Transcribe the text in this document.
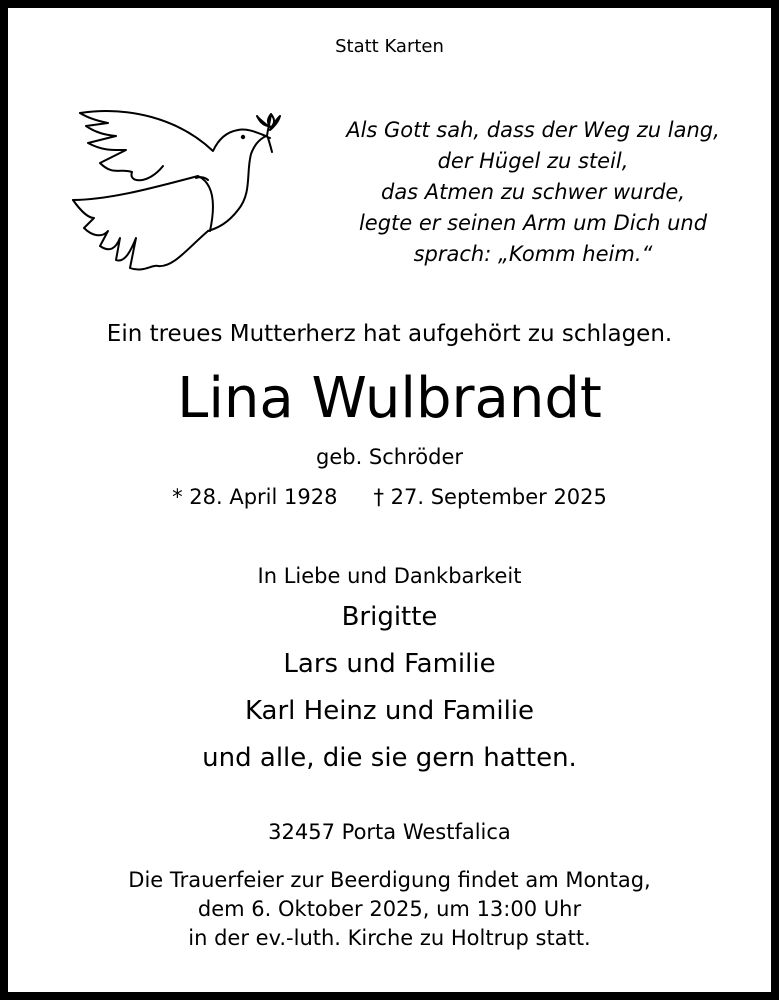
Statt Karten
Als Gott sah, dass der Weg zu lang,
der Hügel zu steil,
das Atmen zu schwer wurde,
legte er seinen Arm um Dich und
sprach: „Komm heim.“
Ein treues Mutterherz hat aufgehört zu schlagen.
Lina Wulbrandt
geb. Schröder
* 28. April 1928 † 27. September 2025
In Liebe und Dankbarkeit
Brigitte
Lars und Familie
Karl Heinz und Familie
und alle, die sie gern hatten.
32457 Porta Westfalica
Die Trauerfeier zur Beerdigung findet am Montag,
dem 6. Oktober 2025, um 13:00 Uhr
in der ev.-luth. Kirche zu Holtrup statt.
